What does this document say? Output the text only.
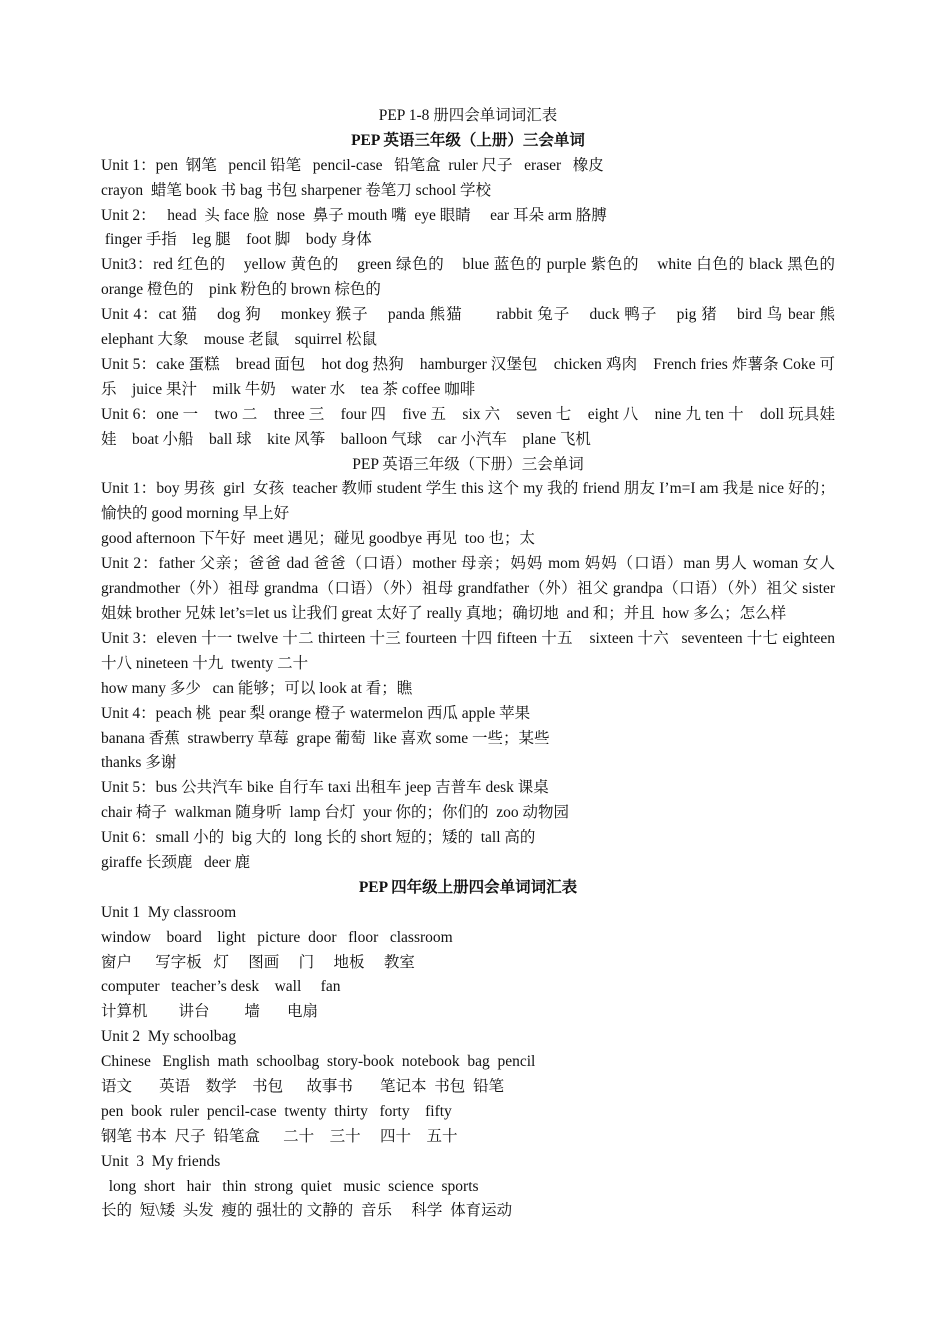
PEP 1-8 册四会单词词汇表
PEP 英语三年级（上册）三会单词
Unit 1：pen  钢笔   pencil 铅笔   pencil-case   铅笔盒  ruler 尺子   eraser   橡皮
crayon  蜡笔 book 书 bag 书包 sharpener 卷笔刀 school 学校
Unit 2：   head  头 face 脸  nose  鼻子 mouth 嘴  eye 眼睛     ear 耳朵 arm 胳膊
finger 手指    leg 腿    foot 脚    body 身体
Unit3：red 红色的    yellow 黄色的    green 绿色的    blue 蓝色的 purple 紫色的    white 白色的 black 黑色的    orange 橙色的    pink 粉色的 brown 棕色的
Unit 4：cat 猫    dog 狗    monkey 猴子    panda 熊猫       rabbit 兔子    duck 鸭子    pig 猪    bird 鸟 bear 熊    elephant 大象    mouse 老鼠    squirrel 松鼠
Unit 5：cake 蛋糕    bread 面包    hot dog 热狗    hamburger 汉堡包    chicken 鸡肉    French fries 炸薯条 Coke 可乐    juice 果汁    milk 牛奶    water 水    tea 茶 coffee 咖啡
Unit 6：one 一    two 二    three 三    four 四    five 五    six 六    seven 七    eight 八    nine 九 ten 十    doll 玩具娃娃    boat 小船    ball 球    kite 风筝    balloon 气球    car 小汽车    plane 飞机
PEP 英语三年级（下册）三会单词
Unit 1：boy 男孩  girl  女孩  teacher 教师 student 学生 this 这个 my 我的 friend 朋友 I’m=I am 我是 nice 好的；愉快的 good morning 早上好
good afternoon 下午好  meet 遇见；碰见 goodbye 再见  too 也；太
Unit 2：father 父亲；爸爸 dad 爸爸（口语）mother 母亲；妈妈 mom 妈妈（口语）man 男人 woman 女人 grandmother（外）祖母 grandma（口语）（外）祖母 grandfather（外）祖父 grandpa（口语）（外）祖父 sister 姐妹 brother 兄妹 let’s=let us 让我们 great 太好了 really 真地；确切地  and 和；并且  how 多么；怎么样
Unit 3：eleven 十一 twelve 十二 thirteen 十三 fourteen 十四 fifteen 十五    sixteen 十六   seventeen 十七 eighteen 十八 nineteen 十九  twenty 二十
how many 多少   can 能够；可以 look at 看；瞧
Unit 4：peach 桃  pear 梨 orange 橙子 watermelon 西瓜 apple 苹果
banana 香蕉  strawberry 草莓  grape 葡萄  like 喜欢 some 一些；某些
thanks 多谢
Unit 5：bus 公共汽车 bike 自行车 taxi 出租车 jeep 吉普车 desk 课桌
chair 椅子  walkman 随身听  lamp 台灯  your 你的；你们的  zoo 动物园
Unit 6：small 小的  big 大的  long 长的 short 短的；矮的  tall 高的
giraffe 长颈鹿   deer 鹿
PEP 四年级上册四会单词词汇表
Unit 1  My classroom
window    board    light   picture  door   floor   classroom
窗户      写字板   灯     图画     门     地板     教室
computer   teacher’s desk    wall     fan
计算机        讲台         墙       电扇
Unit 2  My schoolbag
Chinese   English  math  schoolbag  story-book  notebook  bag  pencil
语文       英语    数学    书包      故事书       笔记本  书包  铅笔
pen  book  ruler  pencil-case  twenty  thirty   forty    fifty
钢笔 书本  尺子  铅笔盒      二十    三十     四十    五十
Unit  3  My friends
long  short   hair   thin  strong  quiet   music  science  sports
长的  短\矮  头发  瘦的 强壮的 文静的  音乐     科学  体育运动
